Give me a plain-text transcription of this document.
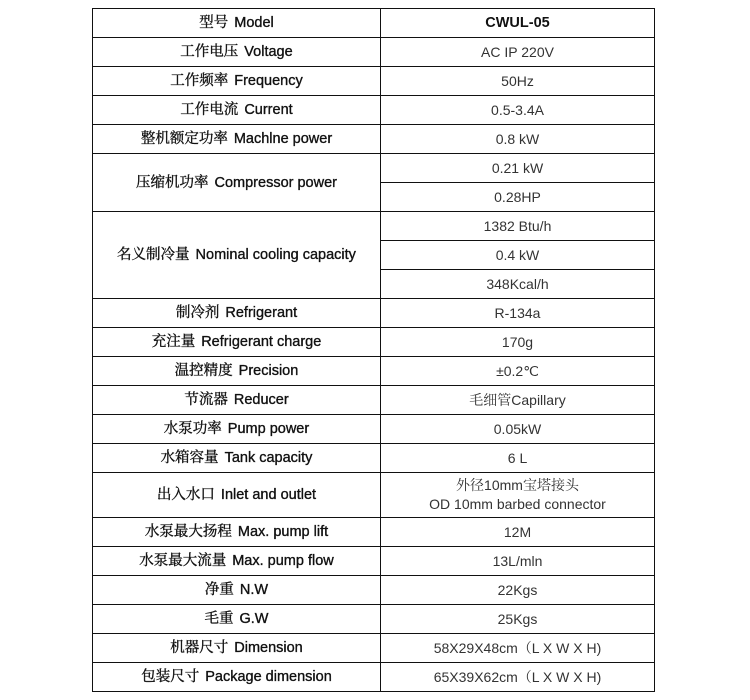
型号 Model	CWUL-05
工作电压 Voltage	AC IP 220V
工作频率 Frequency	50Hz
工作电流 Current	0.5-3.4A
整机额定功率 Machlne power	0.8 kW
压缩机功率 Compressor power	0.21 kW
	0.28HP
名义制冷量 Nominal cooling capacity	1382 Btu/h
	0.4 kW
	348Kcal/h
制冷剂 Refrigerant	R-134a
充注量 Refrigerant charge	170g
温控精度 Precision	±0.2℃
节流器 Reducer	毛细管Capillary
水泵功率 Pump power	0.05kW
水箱容量 Tank capacity	6 L
出入水口 Inlet and outlet	外径10mm宝塔接头
OD 10mm barbed connector

水泵最大扬程 Max. pump lift	12M
水泵最大流量 Max. pump flow	13L/mln
净重 N.W	22Kgs
毛重 G.W	25Kgs
机器尺寸 Dimension	58X29X48cm（L X W X H)
包装尺寸 Package dimension	65X39X62cm（L X W X H)
